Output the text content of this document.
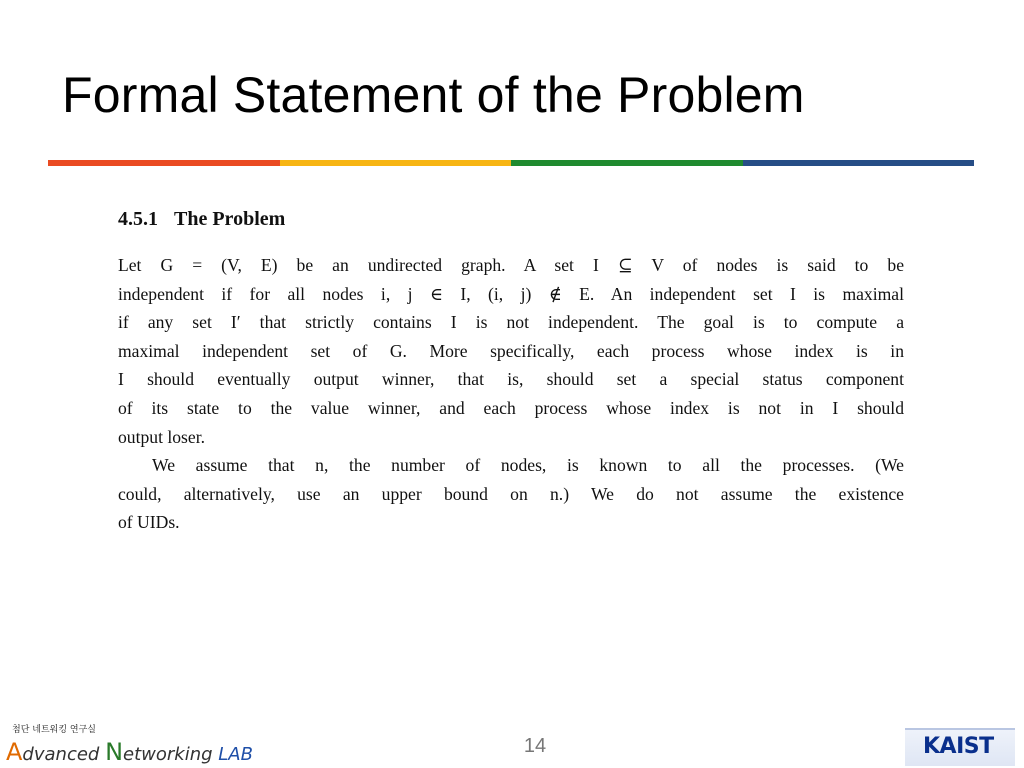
Formal Statement of the Problem
4.5.1 The Problem

Let G = (V, E) be an undirected graph. A set I ⊆ V of nodes is said to be
independent if for all nodes i, j ∈ I, (i, j) ∉ E. An independent set I is maximal
if any set I′ that strictly contains I is not independent. The goal is to compute a
maximal independent set of G. More specifically, each process whose index is in
I should eventually output winner, that is, should set a special status component
of its state to the value winner, and each process whose index is not in I should
output loser.

We assume that n, the number of nodes, is known to all the processes. (We
could, alternatively, use an upper bound on n.) We do not assume the existence
of UIDs.

첨단 네트워킹 연구실
Advanced Networking LAB	14	KAIST
